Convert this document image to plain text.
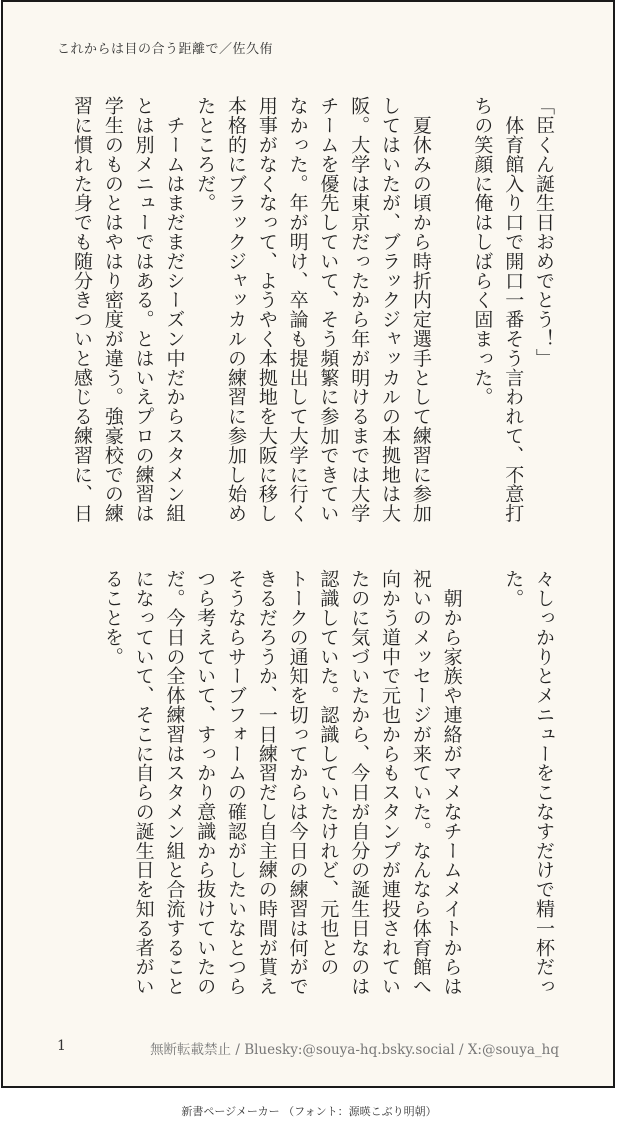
これからは目の合う距離で／佐久侑
「臣くん誕生日おめでとう！」
　体育館入り口で開口一番そう言われて、不意打
ちの笑顔に俺はしばらく固まった。
　夏休みの頃から時折内定選手として練習に参加
してはいたが、ブラックジャッカルの本拠地は大
阪。大学は東京だったから年が明けるまでは大学
チームを優先していて、そう頻繁に参加できてい
なかった。年が明け、卒論も提出して大学に行く
用事がなくなって、ようやく本拠地を大阪に移し
本格的にブラックジャッカルの練習に参加し始め
たところだ。
　チームはまだまだシーズン中だからスタメン組
とは別メニューではある。とはいえプロの練習は
学生のものとはやはり密度が違う。強豪校での練
習に慣れた身でも随分きついと感じる練習に、日
々しっかりとメニューをこなすだけで精一杯だっ
た。
　朝から家族や連絡がマメなチームメイトからは
祝いのメッセージが来ていた。なんなら体育館へ
向かう道中で元也からもスタンプが連投されてい
たのに気づいたから、今日が自分の誕生日なのは
認識していた。認識していたけれど、元也との
トークの通知を切ってからは今日の練習は何がで
きるだろうか、一日練習だし自主練の時間が貰え
そうならサーブフォームの確認がしたいなとつら
つら考えていて、すっかり意識から抜けていたの
だ。今日の全体練習はスタメン組と合流すること
になっていて、そこに自らの誕生日を知る者がい
ることを。
1	無断転載禁止 / Bluesky:@souya-hq.bsky.social / X:@souya_hq
新書ページメーカー （フォント：源暎こぶり明朝）
